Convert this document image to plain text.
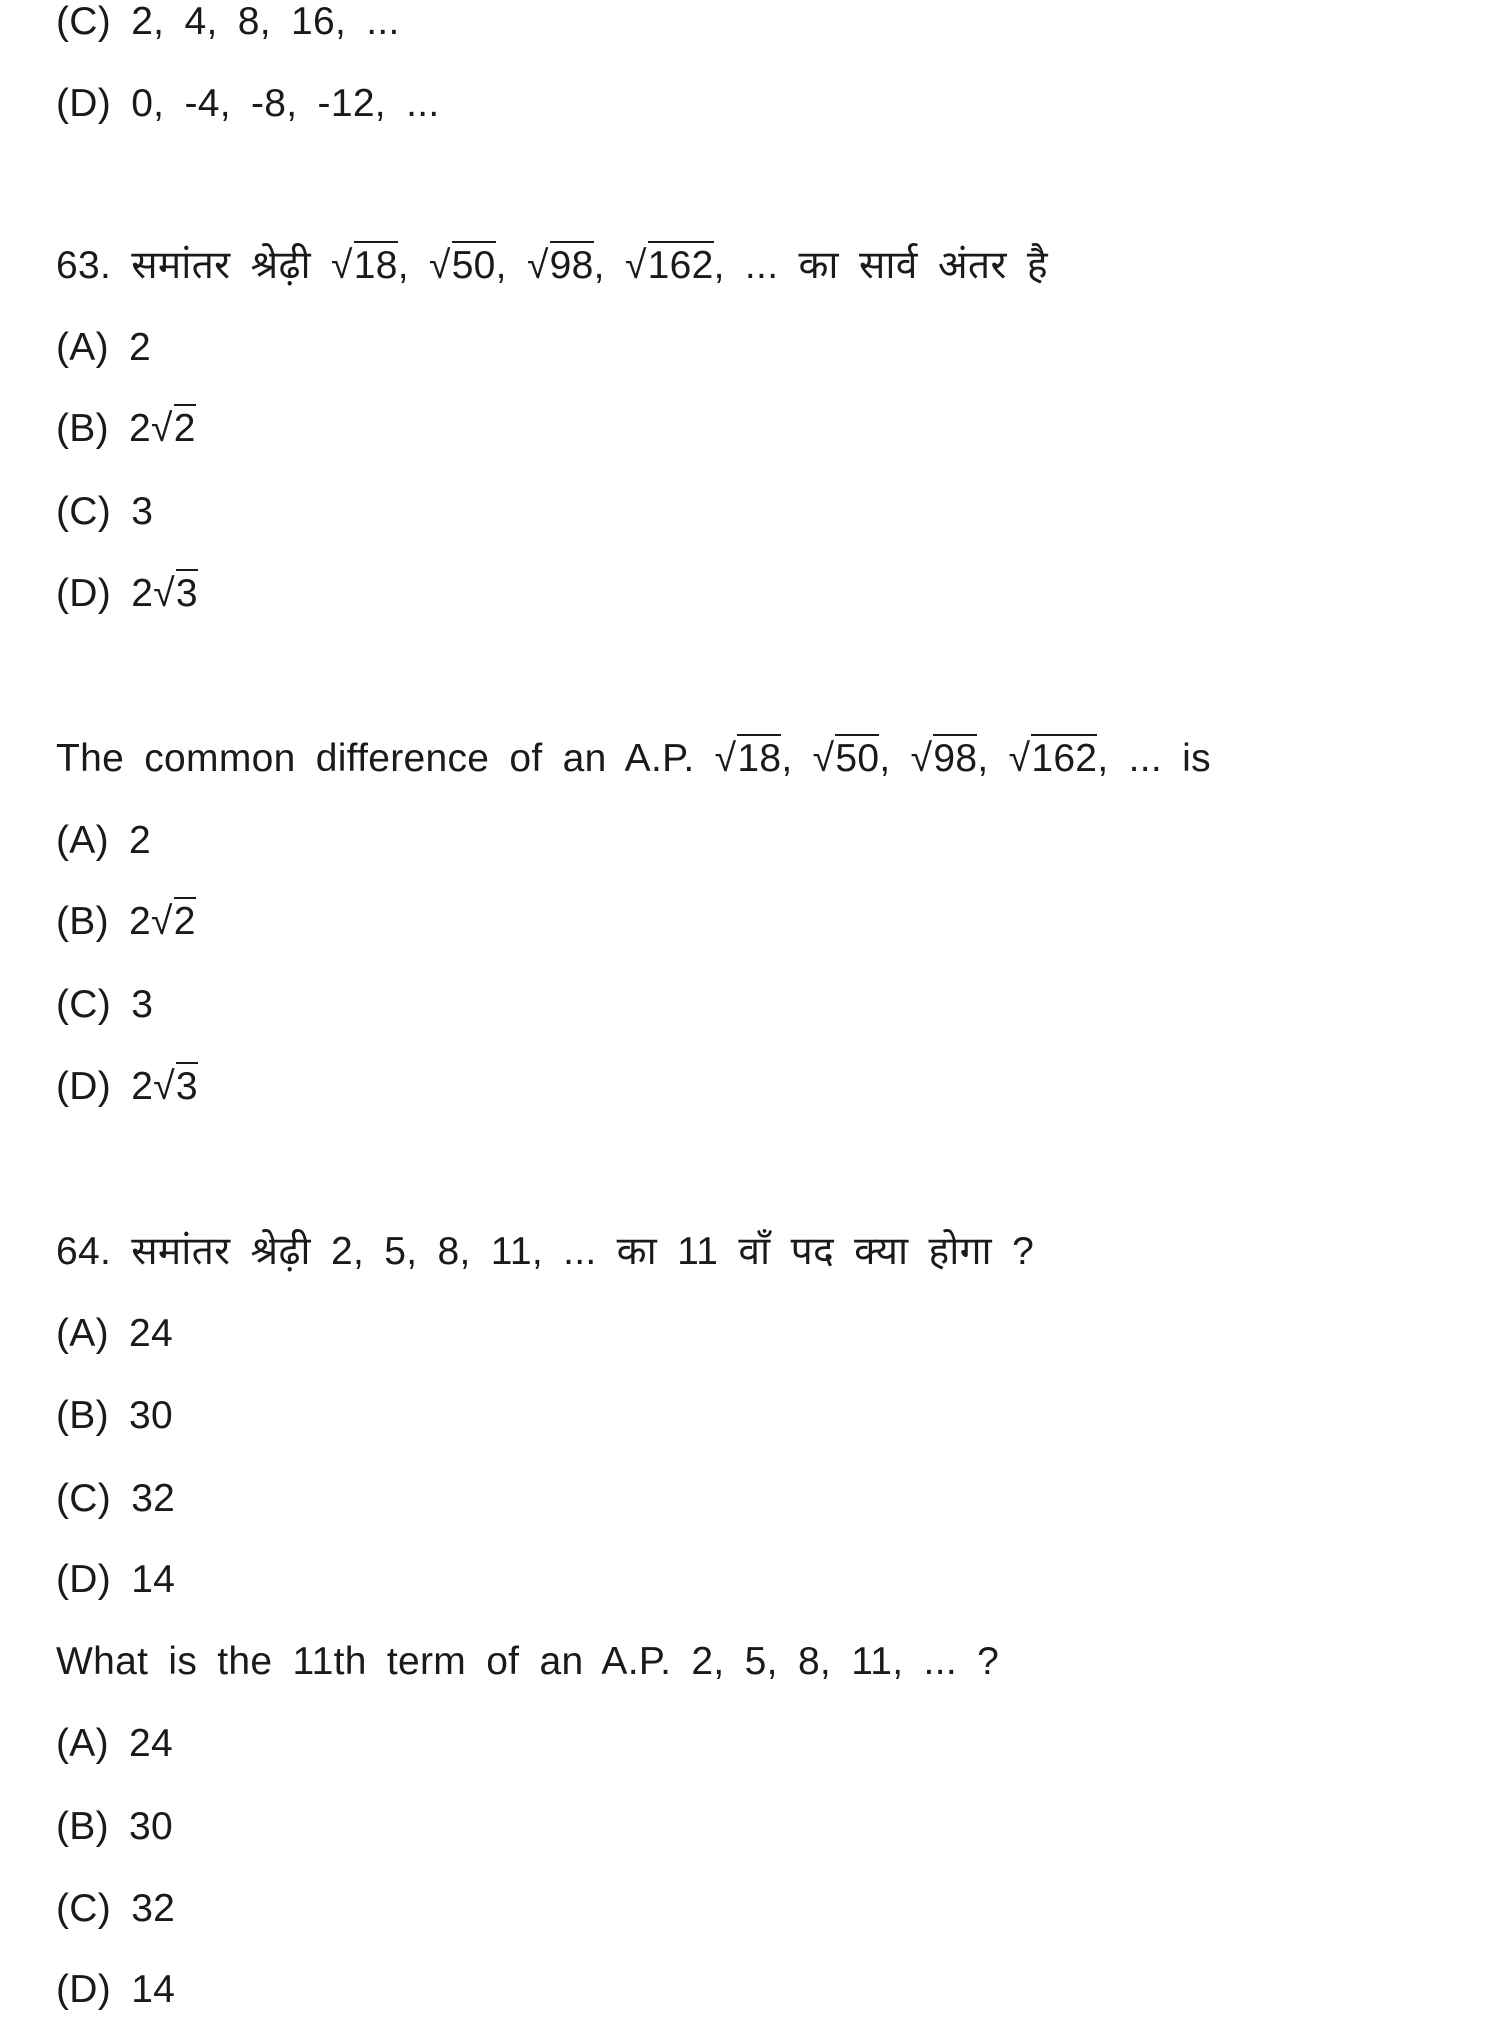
(C) 2, 4, 8, 16, ...
(D) 0, -4, -8, -12, ...
63. समांतर श्रेढ़ी √18, √50, √98, √162, ... का सार्व अंतर है
The common difference of an A.P. √18, √50, √98, √162, ... is
64. समांतर श्रेढ़ी 2, 5, 8, 11, ... का 11 वाँ पद क्या होगा ?
What is the 11th term of an A.P. 2, 5, 8, 11, ... ?
(A) 2
(B) 2√2
(C) 3
(D) 2√3
(A) 2
(B) 2√2
(C) 3
(D) 2√3
(A) 24
(B) 30
(C) 32
(D) 14
(A) 24
(B) 30
(C) 32
(D) 14
